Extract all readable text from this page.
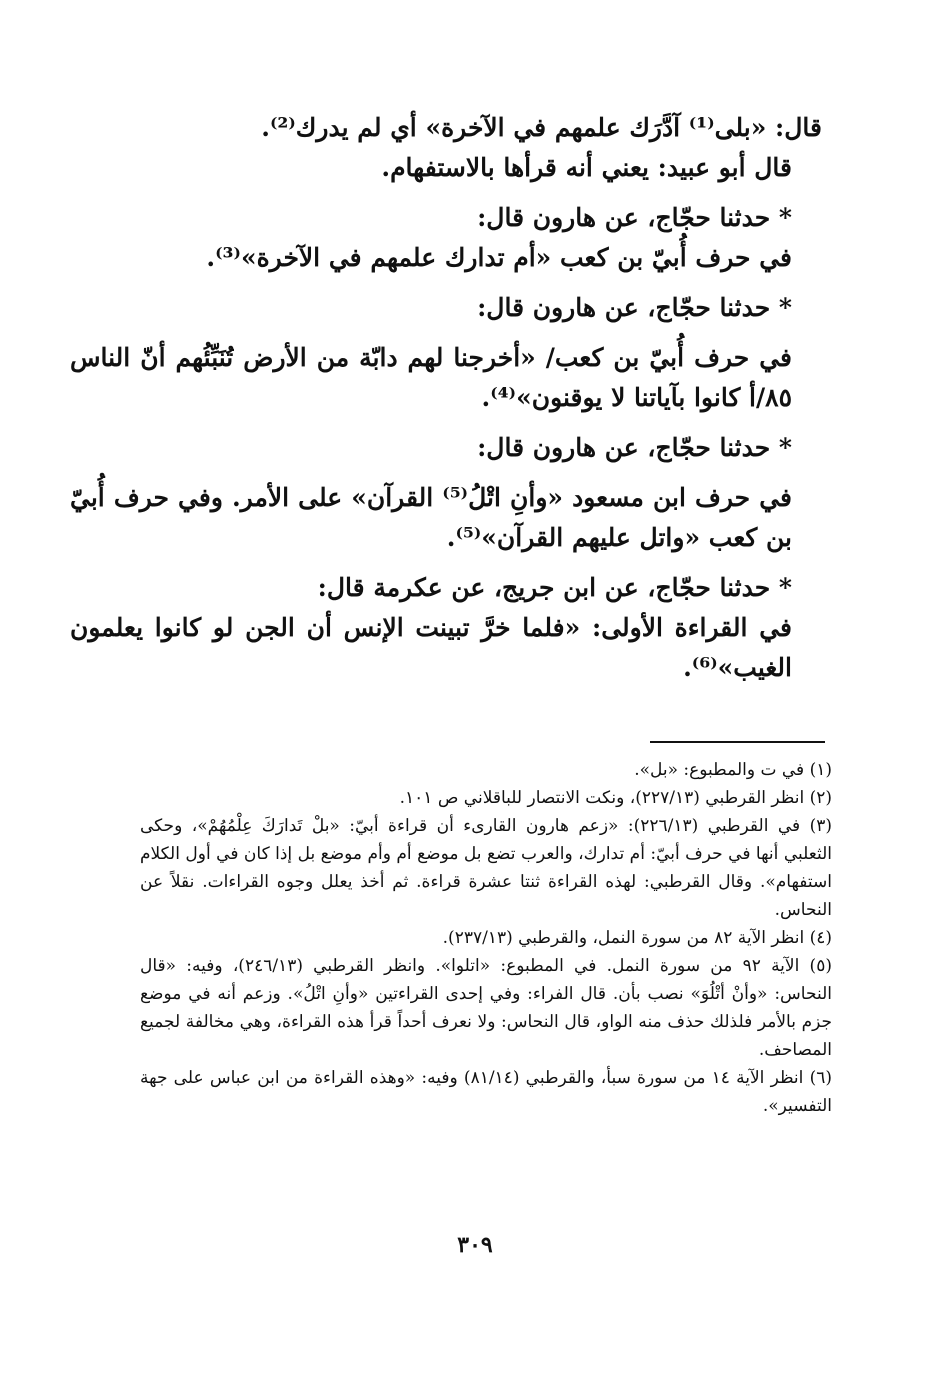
قال: «بلى⁽¹⁾ آدَّرَك علمهم في الآخرة» أي لم يدرك⁽²⁾.

قال أبو عبيد: يعني أنه قرأها بالاستفهام.

* حدثنا حجّاج، عن هارون قال:

في حرف أُبيّ بن كعب «أم تدارك علمهم في الآخرة»⁽³⁾.

* حدثنا حجّاج، عن هارون قال:

في حرف أُبيّ بن كعب/ «أخرجنا لهم دابّة من الأرض تُنَبِّئُهم أنّ الناس ٨٥/أ كانوا بآياتنا لا يوقنون»⁽⁴⁾.

* حدثنا حجّاج، عن هارون قال:

في حرف ابن مسعود «وأنِ اتْلُ⁽⁵⁾ القرآن» على الأمر. وفي حرف أُبيّ بن كعب «واتل عليهم القرآن»⁽⁵⁾.

* حدثنا حجّاج، عن ابن جريج، عن عكرمة قال:

في القراءة الأولى: «فلما خرَّ تبينت الإنس أن الجن لو كانوا يعلمون الغيب»⁽⁶⁾.

(١) في ت والمطبوع: «بل».

(٢) انظر القرطبي (٢٢٧/١٣)، ونكت الانتصار للباقلاني ص ١٠١.

(٣) في القرطبي (٢٢٦/١٣): «زعم هارون القارىء أن قراءة أبيّ: «بلْ تَدارَكَ عِلْمُهُمْ»، وحكى الثعلبي أنها في حرف أبيّ: أم تدارك، والعرب تضع بل موضع أم وأم موضع بل إذا كان في أول الكلام استفهام». وقال القرطبي: لهذه القراءة ثنتا عشرة قراءة. ثم أخذ يعلل وجوه القراءات. نقلاً عن النحاس.

(٤) انظر الآية ٨٢ من سورة النمل، والقرطبي (٢٣٧/١٣).

(٥) الآية ٩٢ من سورة النمل. في المطبوع: «اتلوا». وانظر القرطبي (٢٤٦/١٣)، وفيه: «قال النحاس: «وأنْ أتْلُوَ» نصب بأن. قال الفراء: وفي إحدى القراءتين «وأنِ اتْلُ». وزعم أنه في موضع جزم بالأمر فلذلك حذف منه الواو، قال النحاس: ولا نعرف أحداً قرأ هذه القراءة، وهي مخالفة لجميع المصاحف.

(٦) انظر الآية ١٤ من سورة سبأ، والقرطبي (٨١/١٤) وفيه: «وهذه القراءة من ابن عباس على جهة التفسير».

٣٠٩
